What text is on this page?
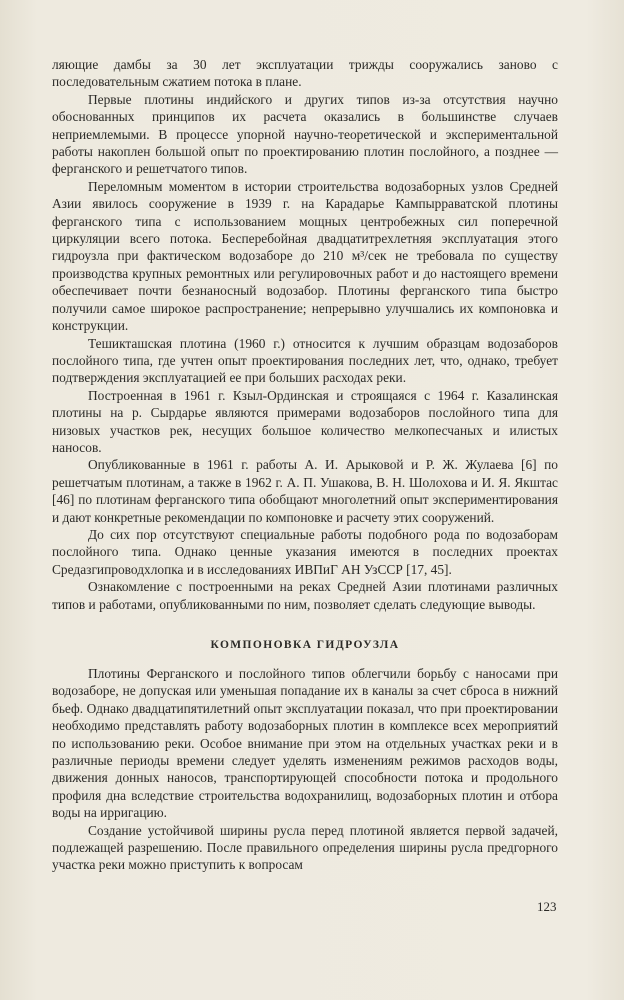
ляющие дамбы за 30 лет эксплуатации трижды сооружались заново с последовательным сжатием потока в плане.

Первые плотины индийского и других типов из-за отсутствия научно обоснованных принципов их расчета оказались в большинстве случаев неприемлемыми. В процессе упорной научно-теоретической и экспериментальной работы накоплен большой опыт по проектированию плотин послойного, а позднее — ферганского и решетчатого типов.

Переломным моментом в истории строительства водозаборных узлов Средней Азии явилось сооружение в 1939 г. на Карадарье Кампырраватской плотины ферганского типа с использованием мощных центробежных сил поперечной циркуляции всего потока. Бесперебойная двадцатитрехлетняя эксплуатация этого гидроузла при фактическом водозаборе до 210 м³/сек не требовала по существу производства крупных ремонтных или регулировочных работ и до настоящего времени обеспечивает почти безнаносный водозабор. Плотины ферганского типа быстро получили самое широкое распространение; непрерывно улучшались их компоновка и конструкции.

Тешикташская плотина (1960 г.) относится к лучшим образцам водозаборов послойного типа, где учтен опыт проектирования последних лет, что, однако, требует подтверждения эксплуатацией ее при больших расходах реки.

Построенная в 1961 г. Кзыл-Ординская и строящаяся с 1964 г. Казалинская плотины на р. Сырдарье являются примерами водозаборов послойного типа для низовых участков рек, несущих большое количество мелкопесчаных и илистых наносов.

Опубликованные в 1961 г. работы А. И. Арыковой и Р. Ж. Жулаева [6] по решетчатым плотинам, а также в 1962 г. А. П. Ушакова, В. Н. Шолохова и И. Я. Якштас [46] по плотинам ферганского типа обобщают многолетний опыт экспериментирования и дают конкретные рекомендации по компоновке и расчету этих сооружений.

До сих пор отсутствуют специальные работы подобного рода по водозаборам послойного типа. Однако ценные указания имеются в последних проектах Средазгипроводхлопка и в исследованиях ИВПиГ АН УзССР [17, 45].

Ознакомление с построенными на реках Средней Азии плотинами различных типов и работами, опубликованными по ним, позволяет сделать следующие выводы.

КОМПОНОВКА ГИДРОУЗЛА

Плотины Ферганского и послойного типов облегчили борьбу с наносами при водозаборе, не допуская или уменьшая попадание их в каналы за счет сброса в нижний бьеф. Однако двадцатипятилетний опыт эксплуатации показал, что при проектировании необходимо представлять работу водозаборных плотин в комплексе всех мероприятий по использованию реки. Особое внимание при этом на отдельных участках реки и в различные периоды времени следует уделять изменениям режимов расходов воды, движения донных наносов, транспортирующей способности потока и продольного профиля дна вследствие строительства водохранилищ, водозаборных плотин и отбора воды на ирригацию.

Создание устойчивой ширины русла перед плотиной является первой задачей, подлежащей разрешению. После правильного определения ширины русла предгорного участка реки можно приступить к вопросам

123
